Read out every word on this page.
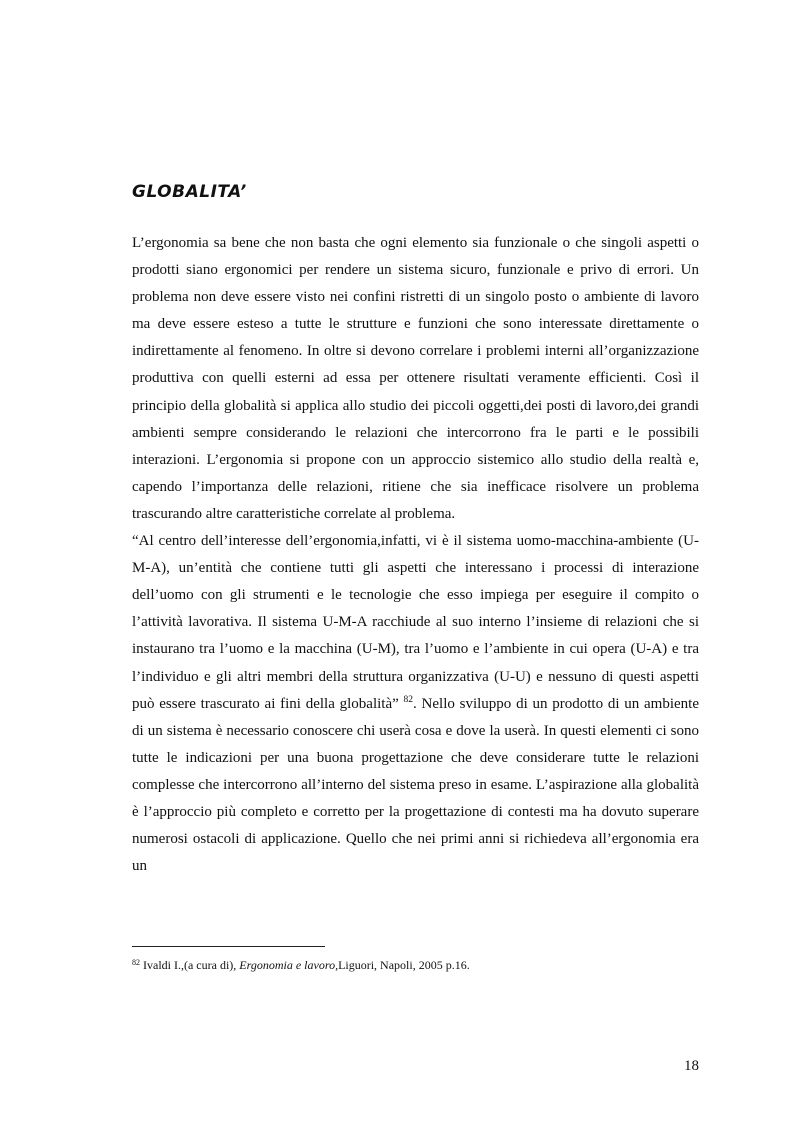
GLOBALITA’

L’ergonomia sa bene che non basta che ogni elemento sia funzionale o che singoli aspetti o prodotti siano ergonomici per rendere un sistema sicuro, funzionale e privo di errori. Un problema non deve essere visto nei confini ristretti di un singolo posto o ambiente di lavoro ma deve essere esteso a tutte le strutture e funzioni che sono interessate direttamente o indirettamente al fenomeno. In oltre si devono correlare i problemi interni all’organizzazione produttiva con quelli esterni ad essa per ottenere risultati veramente efficienti. Così il principio della globalità si applica allo studio dei piccoli oggetti,dei posti di lavoro,dei grandi ambienti sempre considerando le relazioni che intercorrono fra le parti e le possibili interazioni. L’ergonomia si propone con un approccio sistemico allo studio della realtà e, capendo l’importanza delle relazioni, ritiene che sia inefficace risolvere un problema trascurando altre caratteristiche correlate al problema.

“Al centro dell’interesse dell’ergonomia,infatti, vi è il sistema uomo-macchina-ambiente (U-M-A), un’entità che contiene tutti gli aspetti che interessano i processi di interazione dell’uomo con gli strumenti e le tecnologie che esso impiega per eseguire il compito o l’attività lavorativa. Il sistema U-M-A racchiude al suo interno l’insieme di relazioni che si instaurano tra l’uomo e la macchina (U-M), tra l’uomo e l’ambiente in cui opera (U-A) e tra l’individuo e gli altri membri della struttura organizzativa (U-U) e nessuno di questi aspetti può essere trascurato ai fini della globalità” $^{82}$. Nello sviluppo di un prodotto di un ambiente di un sistema è necessario conoscere chi userà cosa e dove la userà. In questi elementi ci sono tutte le indicazioni per una buona progettazione che deve considerare tutte le relazioni complesse che intercorrono all’interno del sistema preso in esame. L’aspirazione alla globalità è l’approccio più completo e corretto per la progettazione di contesti ma ha dovuto superare numerosi ostacoli di applicazione. Quello che nei primi anni si richiedeva all’ergonomia era un

$^{82}$ Ivaldi I.,(a cura di), Ergonomia e lavoro,Liguori, Napoli, 2005 p.16.
18
